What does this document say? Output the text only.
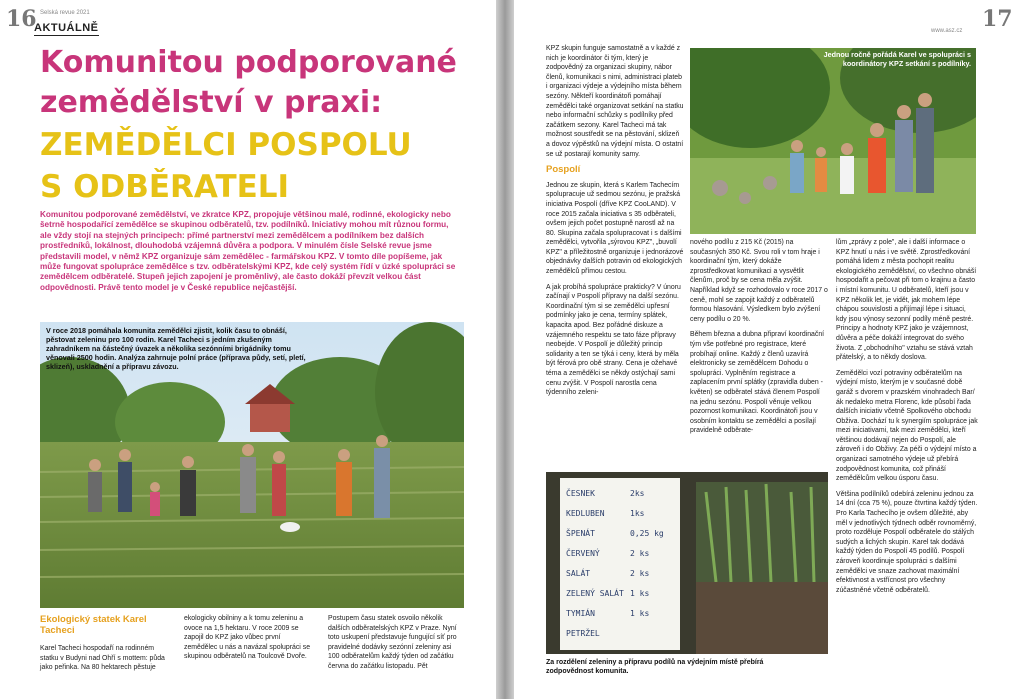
16 Selská revue 2021
AKTUÁLNĚ
Komunitou podporované
zemědělství v praxi:
ZEMĚDĚLCI POSPOLU
S ODBĚRATELI
Komunitou podporované zemědělství, ve zkratce KPZ, propojuje většinou malé, rodinné, ekologicky nebo šetrně hospodařící zemědělce se skupinou odběratelů, tzv. podílníků. Iniciativy mohou mít různou formu, ale vždy stojí na stejných principech: přímé partnerství mezi zemědělcem a podílníkem bez dalších prostředníků, lokálnost, dlouhodobá vzájemná důvěra a podpora. V minulém čísle Selské revue jsme představili model, v němž KPZ organizuje sám zemědělec - farmářskou KPZ. V tomto díle popíšeme, jak může fungovat spolupráce zemědělce s tzv. odběratelskými KPZ, kde celý systém řídí v úzké spolupráci se zemědělcem odběratelé. Stupeň jejich zapojení je proměnlivý, ale často dokáží převzít velkou část odpovědnosti. Právě tento model je v České republice nejčastější.
V roce 2018 pomáhala komunita zemědělci zjistit, kolik času to obnáší, pěstovat zeleninu pro 100 rodin. Karel Tacheci s jedním zkušeným zahradníkem na částečný úvazek a několika sezónními brigádníky tomu věnovali 2500 hodin. Analýza zahrnuje polní práce (příprava půdy, setí, pletí, sklizeň), uskladnění a přípravu závozu.
Ekologický statek Karel Tacheci

Karel Tacheci hospodaří na rodinném statku v Budyni nad Ohří s mottem: půda jako peřinka. Na 80 hektarech pěstuje

ekologicky obilniny a k tomu zeleninu a ovoce na 1,5 hektaru. V roce 2009 se zapojil do KPZ jako vůbec první zemědělec u nás a navázal spolupráci se skupinou odběratelů na Toulcově Dvoře.

Postupem času statek osvoilo několik dalších odběratelských KPZ v Praze. Nyní toto uskupení představuje fungující síť pro pravidelné dodávky sezónní zeleniny asi 100 odběratelům každý týden od začátku června do začátku listopadu. Pět

www.asz.cz 17

KPZ skupin funguje samostatně a v každé z nich je koordinátor či tým, který je zodpovědný za organizaci skupiny, nábor členů, komunikaci s nimi, administraci plateb i organizaci výdeje a výdejního místa během sezóny. Někteří koordinátoři pomáhají zemědělci také organizovat setkání na statku nebo informační schůzky s podílníky před začátkem sezony. Karel Tacheci má tak možnost soustředit se na pěstování, sklizeň a dovoz výpěstků na výdejní místa. O ostatní se už postarají komunity samy.

Pospolí

Jednou ze skupin, která s Karlem Tachecím spolupracuje už sedmou sezónu, je pražská iniciativa Pospolí (dříve KPZ CooLAND). V roce 2015 začala iniciativa s 35 odběrateli, ovšem jejich počet postupně narostl až na 80. Skupina začala spolupracovat i s dalšími zemědělci, vytvořila „sýrovou KPZ", „buvolí KPZ" a příležitostně organizuje i jednorázové objednávky dalších potravin od ekologických zemědělců přímou cestou.

A jak probíhá spolupráce prakticky? V únoru začínají v Pospolí přípravy na další sezónu. Koordinační tým si se zemědělci upřesní podmínky jako je cena, termíny splátek, kapacita apod. Bez pořádné diskuze a vzájemného respektu se tato fáze přípravy neobejde. V Pospolí je důležitý princip solidarity a ten se týká i ceny, která by měla být férová pro obě strany. Cena je ožehavé téma a zemědělci se někdy ostýchají sami cenu zvýšit. V Pospolí narostla cena týdenního zeleni-

Jednou ročně pořádá Karel ve spolupráci s koordinátory KPZ setkání s podílníky.

nového podílu z 215 Kč (2015) na současných 350 Kč. Svou roli v tom hraje i koordinační tým, který dokáže zprostředkovat komunikaci a vysvětlit členům, proč by se cena měla zvýšit. Například když se rozhodovalo v roce 2017 o ceně, mohl se zapojit každý z odběratelů formou hlasování. Výsledkem bylo zvýšení ceny podílu o 20 %.

Během března a dubna připraví koordinační tým vše potřebné pro registrace, které probíhají online. Každý z členů uzavírá elektronicky se zemědělcem Dohodu o spolupráci. Vyplněním registrace a zaplacením první splátky (zpravidla duben - květen) se odběratel stává členem Pospolí na jednu sezónu. Pospolí věnuje velkou pozornost komunikaci. Koordinátoři jsou v osobním kontaktu se zemědělci a posílají pravidelně odběrate-

lům „zprávy z pole", ale i další informace o KPZ hnutí u nás i ve světě. Zprostředkování pomáhá lidem z města pochopit realitu ekologického zemědělství, co všechno obnáší hospodařit a pečovat při tom o krajinu a často i místní komunitu. U odběratelů, kteří jsou v KPZ několik let, je vidět, jak mohem lépe chápou souvislosti a přijímají lépe i situaci, kdy jsou výnosy sezonní podíly méně pestré. Principy a hodnoty KPZ jako je vzájemnost, důvěra a péče dokáží integrovat do svého života. Z „obchodního" vztahu se stává vztah přátelský, a to někdy doslova.

Zemědělci vozí potraviny odběratelům na výdejní místo, kterým je v současné době garáž s dvorem v prazském vinohradech Bar/ák nedaleko metra Florenc, kde působí řada dalších iniciativ včetně Spolkového obchodu Obživa. Dochází tu k synergiím spolupráce jak mezi iniciativami, tak mezi zemědělci, kteří většinou dodávají nejen do Pospolí, ale zároveň i do Obživy. Za péči o výdejní místo a organizaci samotného výdeje už přebírá zodpovědnost komunita, což přináší zemědělcům velkou úsporu času.

Většina podílníků odebírá zeleninu jednou za 14 dní (cca 75 %), pouze čtvrtina každý týden. Pro Karla Tachecího je ovšem důležité, aby měl v jednotlivých týdnech odběr rovnoměrný, proto rozděluje Pospolí odběratele do stálých sudých a lichých skupin. Karel tak dodává každý týden do Pospolí 45 podílů. Pospolí zároveň koordinuje spolupráci s dalšími zemědělci ve snaze zachovat maximální efektivnost a vstřícnost pro všechny zúčastněné včetně odběratelů.

ČESNEK
KEDLUBEN
ŠPENÁT
ČERVENÝ SALÁT
ZELENÝ SALÁT
TYMIÁN
PETRŽEL
2ks
1ks
0,25 kg
2 ks
2 ks
1 ks
1 ks
Za rozdělení zeleniny a přípravu podílů na výdejním místě přebírá zodpovědnost komunita.
